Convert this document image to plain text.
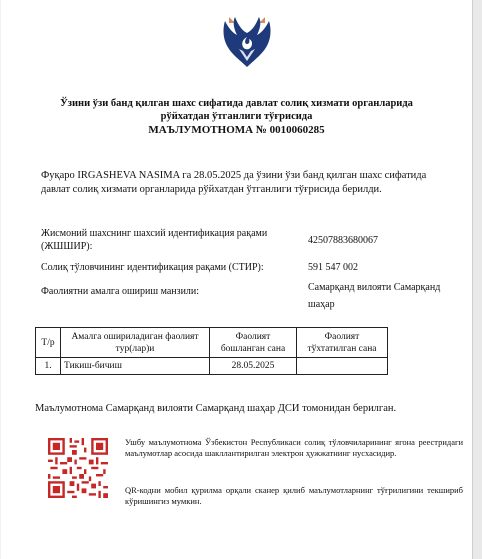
Ўзини ўзи банд қилган шахс сифатида давлат солиқ хизмати органларида
рўйхатдан ўтганлиги тўғрисида
МАЪЛУМОТНОМА № 0010060285
Фуқаро IRGASHEVA NASIMA га 28.05.2025 да ўзини ўзи банд қилган шахс сифатида давлат солиқ хизмати органларида рўйхатдан ўтганлиги тўғрисида берилди.
Жисмоний шахснинг шахсий идентификация рақами (ЖШШИР):
42507883680067
Солиқ тўловчининг идентификация рақами (СТИР):	591 547 002
Фаолиятни амалга ошириш манзили:	Самарқанд вилояти Самарқанд шаҳар
Т/р	Амалга ошириладиган фаолият тур(лар)и	Фаолият бошланган сана	Фаолият тўхтатилган сана
1.	Тикиш-бичиш	28.05.2025	
Маълумотнома Самарқанд вилояти Самарқанд шаҳар ДСИ томонидан берилган.
Ушбу маълумотнома Ўзбекистон Республикаси солиқ тўловчиларининг ягона реестридаги маълумотлар асосида шакллантирилган электрон ҳужжатнинг нусхасидир.
QR-кодни мобил қурилма орқали сканер қилиб маълумотларнинг тўғрилигини текшириб кўришингиз мумкин.
